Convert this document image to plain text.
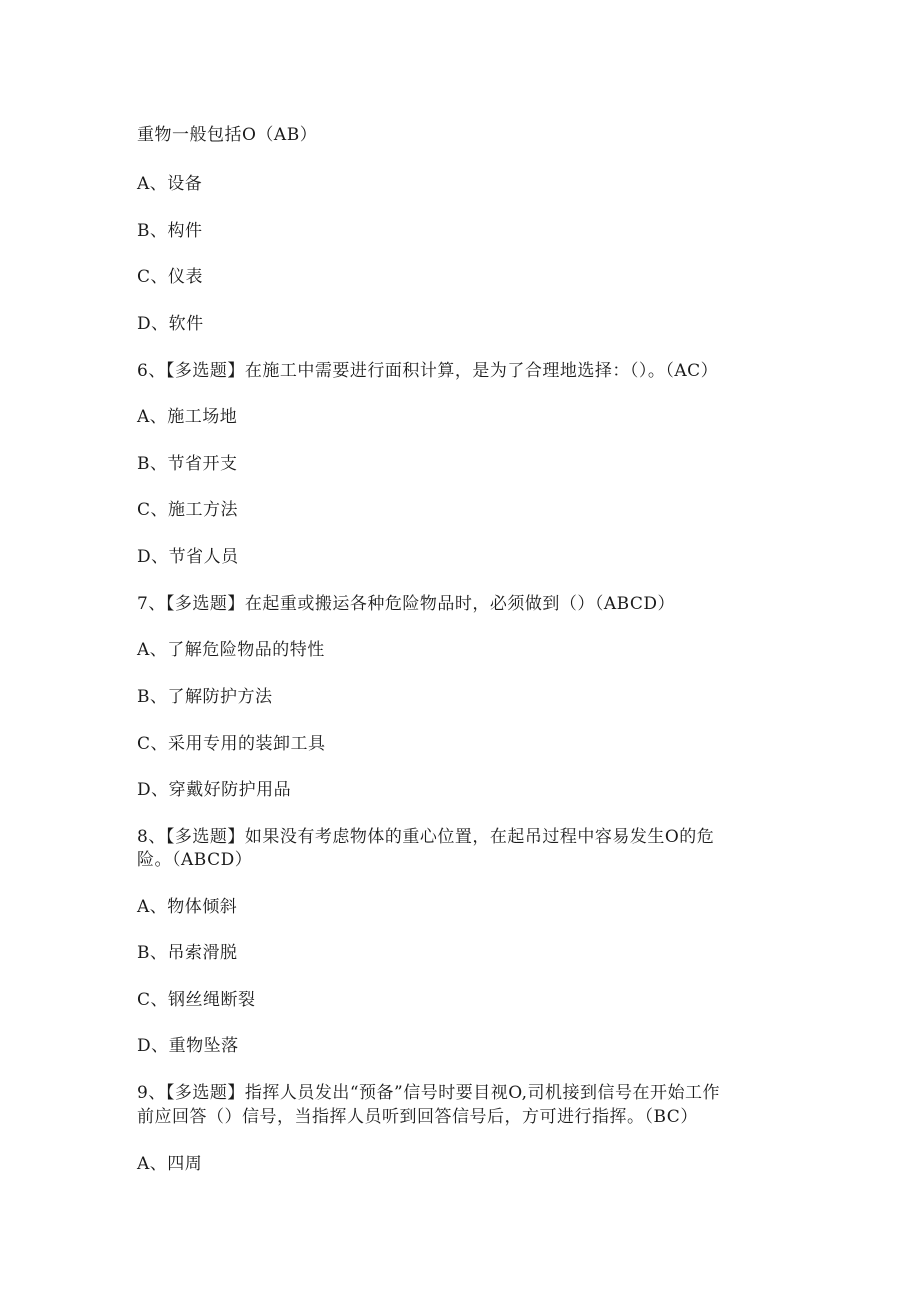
重物一般包括O（AB）
A、设备
B、构件
C、仪表
D、软件
6、【多选题】在施工中需要进行面积计算，是为了合理地选择：（）。（AC）
A、施工场地
B、节省开支
C、施工方法
D、节省人员
7、【多选题】在起重或搬运各种危险物品时，必须做到（）（ABCD）
A、了解危险物品的特性
B、了解防护方法
C、采用专用的装卸工具
D、穿戴好防护用品
8、【多选题】如果没有考虑物体的重心位置，在起吊过程中容易发生O的危
险。（ABCD）
A、物体倾斜
B、吊索滑脱
C、钢丝绳断裂
D、重物坠落
9、【多选题】指挥人员发出“预备”信号时要目视O,司机接到信号在开始工作
前应回答（）信号，当指挥人员听到回答信号后，方可进行指挥。（BC）
A、四周
